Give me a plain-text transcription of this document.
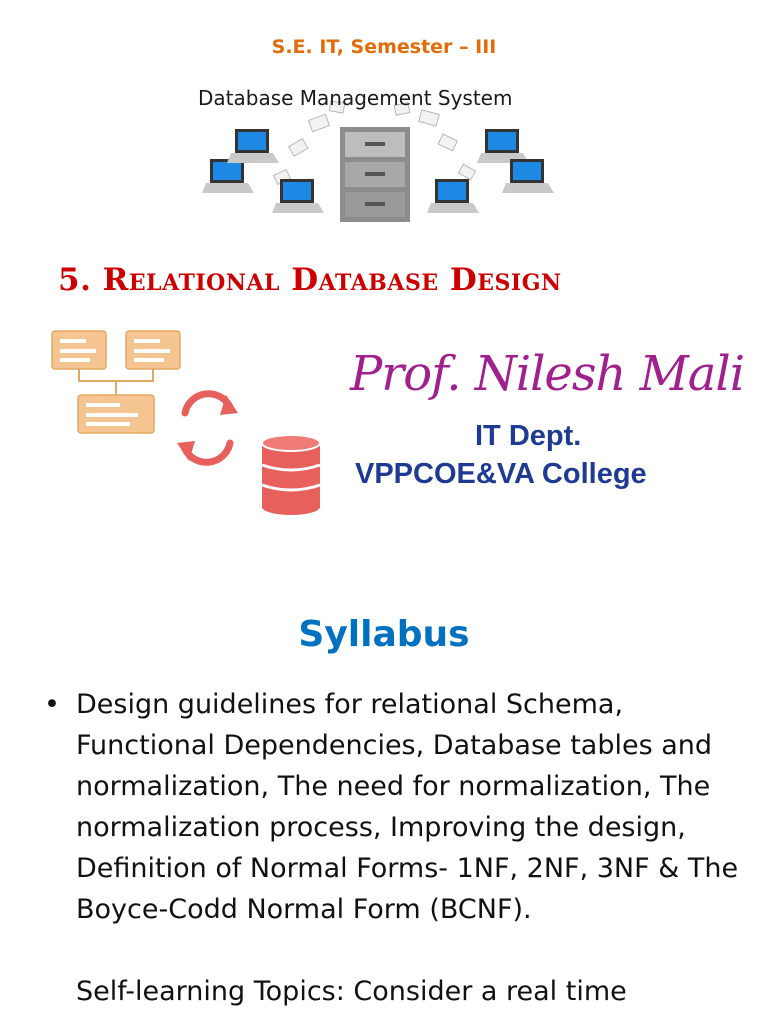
S.E. IT, Semester – III
Database Management System
5. Relational Database Design
Prof. Nilesh Mali
IT Dept.
VPPCOE&VA College
Syllabus
• Design guidelines for relational Schema, Functional Dependencies, Database tables and normalization, The need for normalization, The normalization process, Improving the design, Definition of Normal Forms- 1NF, 2NF, 3NF & The Boyce-Codd Normal Form (BCNF).
Self-learning Topics: Consider a real time
